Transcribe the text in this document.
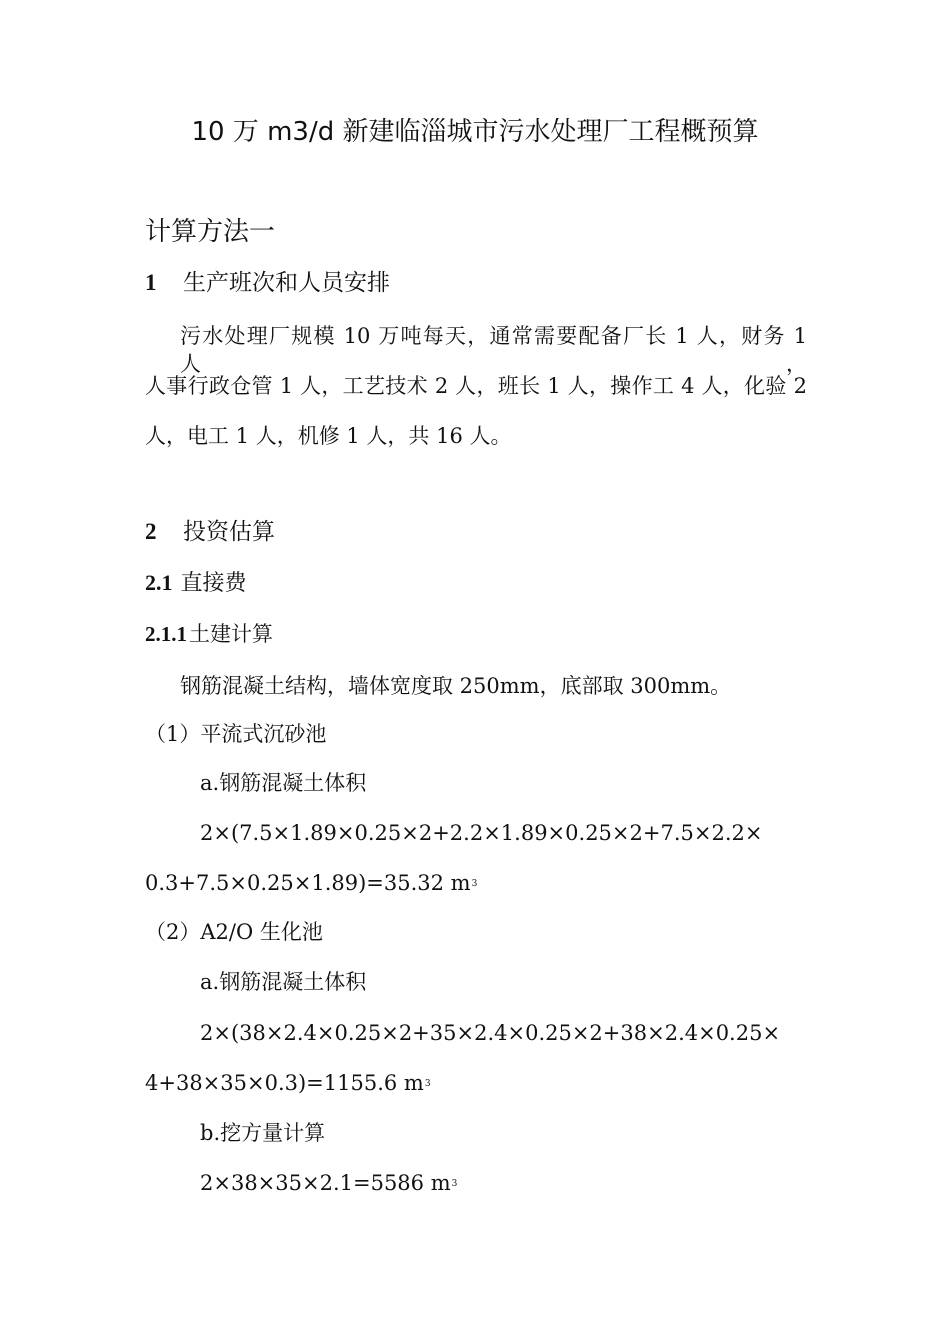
10 万 m3/d 新建临淄城市污水处理厂工程概预算
计算方法一
1 生产班次和人员安排
污水处理厂规模 10 万吨每天，通常需要配备厂长 1 人，财务 1 人，
人事行政仓管 1 人，工艺技术 2 人，班长 1 人，操作工 4 人，化验 2
人，电工 1 人，机修 1 人，共 16 人。
2 投资估算
2.1 直接费
2.1.1土建计算
钢筋混凝土结构，墙体宽度取 250mm，底部取 300mm。
（1）平流式沉砂池
a.钢筋混凝土体积
2×(7.5×1.89×0.25×2+2.2×1.89×0.25×2+7.5×2.2×
0.3+7.5×0.25×1.89)=35.32 $m^3$
（2）A2/O 生化池
a.钢筋混凝土体积
2×(38×2.4×0.25×2+35×2.4×0.25×2+38×2.4×0.25×
4+38×35×0.3)=1155.6 $m^3$
b.挖方量计算
2×38×35×2.1=5586 $m^3$
